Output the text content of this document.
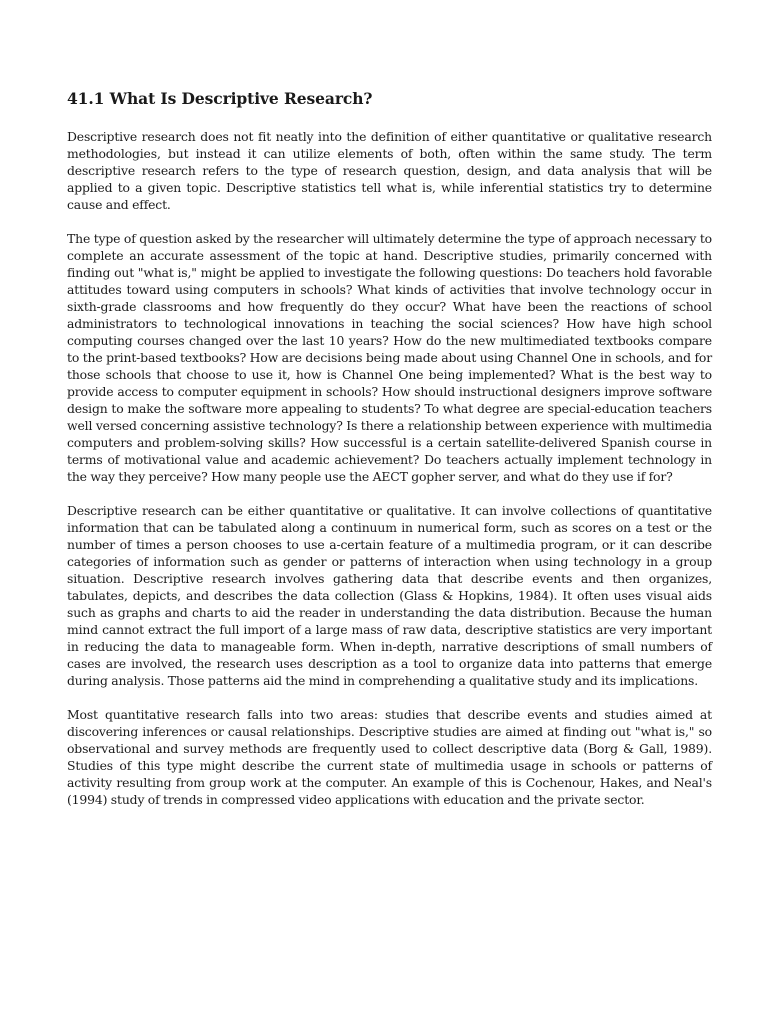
41.1 What Is Descriptive Research?

Descriptive research does not fit neatly into the definition of either quantitative or qualitative research methodologies, but instead it can utilize elements of both, often within the same study. The term descriptive research refers to the type of research question, design, and data analysis that will be applied to a given topic. Descriptive statistics tell what is, while inferential statistics try to determine cause and effect.

The type of question asked by the researcher will ultimately determine the type of approach necessary to complete an accurate assessment of the topic at hand. Descriptive studies, primarily concerned with finding out "what is," might be applied to investigate the following questions: Do teachers hold favorable attitudes toward using computers in schools? What kinds of activities that involve technology occur in sixth-grade classrooms and how frequently do they occur? What have been the reactions of school administrators to technological innovations in teaching the social sciences? How have high school computing courses changed over the last 10 years? How do the new multimediated textbooks compare to the print-based textbooks? How are decisions being made about using Channel One in schools, and for those schools that choose to use it, how is Channel One being implemented? What is the best way to provide access to computer equipment in schools? How should instructional designers improve software design to make the software more appealing to students? To what degree are special-education teachers well versed concerning assistive technology? Is there a relationship between experience with multimedia computers and problem-solving skills? How successful is a certain satellite-delivered Spanish course in terms of motivational value and academic achievement? Do teachers actually implement technology in the way they perceive? How many people use the AECT gopher server, and what do they use if for?

Descriptive research can be either quantitative or qualitative. It can involve collections of quantitative information that can be tabulated along a continuum in numerical form, such as scores on a test or the number of times a person chooses to use a-certain feature of a multimedia program, or it can describe categories of information such as gender or patterns of interaction when using technology in a group situation. Descriptive research involves gathering data that describe events and then organizes, tabulates, depicts, and describes the data collection (Glass & Hopkins, 1984). It often uses visual aids such as graphs and charts to aid the reader in understanding the data distribution. Because the human mind cannot extract the full import of a large mass of raw data, descriptive statistics are very important in reducing the data to manageable form. When in-depth, narrative descriptions of small numbers of cases are involved, the research uses description as a tool to organize data into patterns that emerge during analysis. Those patterns aid the mind in comprehending a qualitative study and its implications.

Most quantitative research falls into two areas: studies that describe events and studies aimed at discovering inferences or causal relationships. Descriptive studies are aimed at finding out "what is," so observational and survey methods are frequently used to collect descriptive data (Borg & Gall, 1989). Studies of this type might describe the current state of multimedia usage in schools or patterns of activity resulting from group work at the computer. An example of this is Cochenour, Hakes, and Neal's (1994) study of trends in compressed video applications with education and the private sector.
